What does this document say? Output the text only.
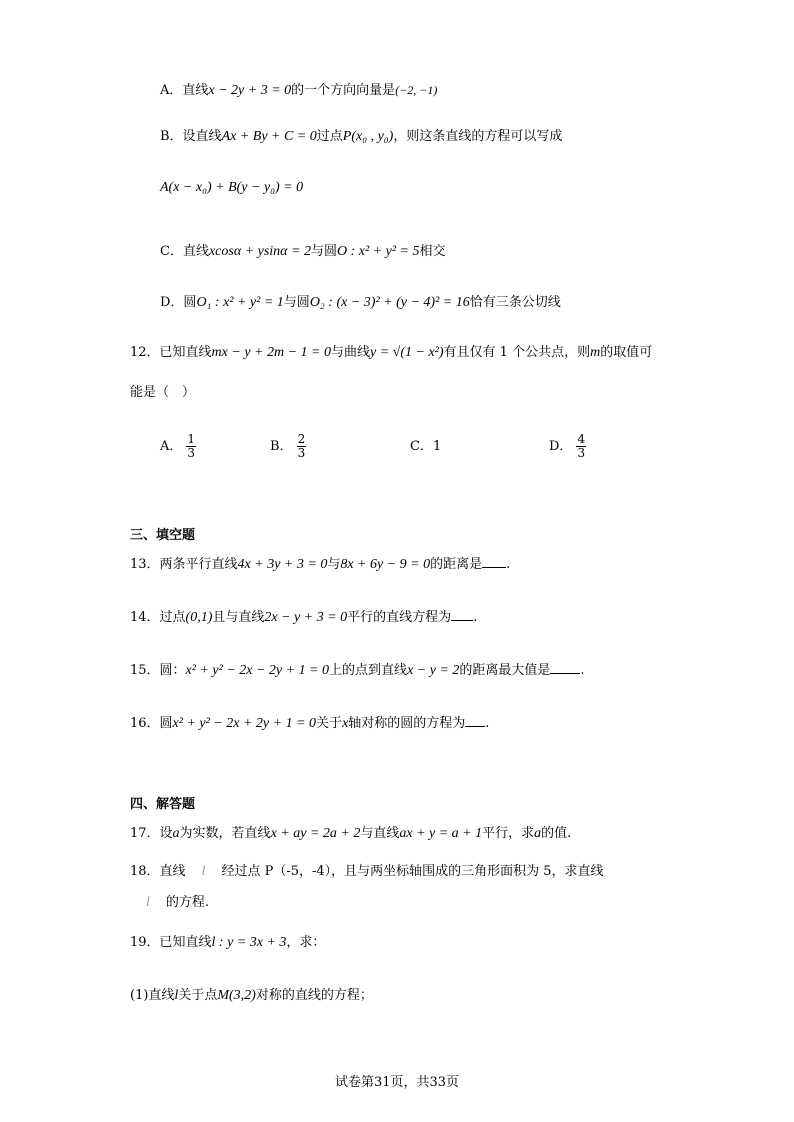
A．直线x − 2y + 3 = 0的一个方向向量是(−2, −1)
B．设直线Ax + By + C = 0过点P(x₀ , y₀)，则这条直线的方程可以写成
A(x − x₀) + B(y − y₀) = 0
C．直线xcosα + ysinα = 2与圆O : x² + y² = 5相交
D．圆O₁ : x² + y² = 1与圆O₂ : (x − 3)² + (y − 4)² = 16恰有三条公切线
12．已知直线mx − y + 2m − 1 = 0与曲线y = √(1 − x²)有且仅有 1 个公共点，则m的取值可
能是（　）
A． $\frac{1}{3}$	B． $\frac{2}{3}$	C．1	D． $\frac{4}{3}$
三、填空题
13．两条平行直线4x + 3y + 3 = 0与8x + 6y − 9 = 0的距离是 .
14．过点(0,1)且与直线2x − y + 3 = 0平行的直线方程为 .
15．圆：x² + y² − 2x − 2y + 1 = 0上的点到直线x − y = 2的距离最大值是 .
16．圆x² + y² − 2x + 2y + 1 = 0关于x轴对称的圆的方程为 .
四、解答题
17．设a为实数，若直线x + ay = 2a + 2与直线ax + y = a + 1平行，求a的值.
18．直线 l 经过点 P（-5，-4），且与两坐标轴围成的三角形面积为 5，求直线
l 的方程.
19．已知直线l : y = 3x + 3，求：
(1)直线l关于点M(3,2)对称的直线的方程；
试卷第31页，共33页
